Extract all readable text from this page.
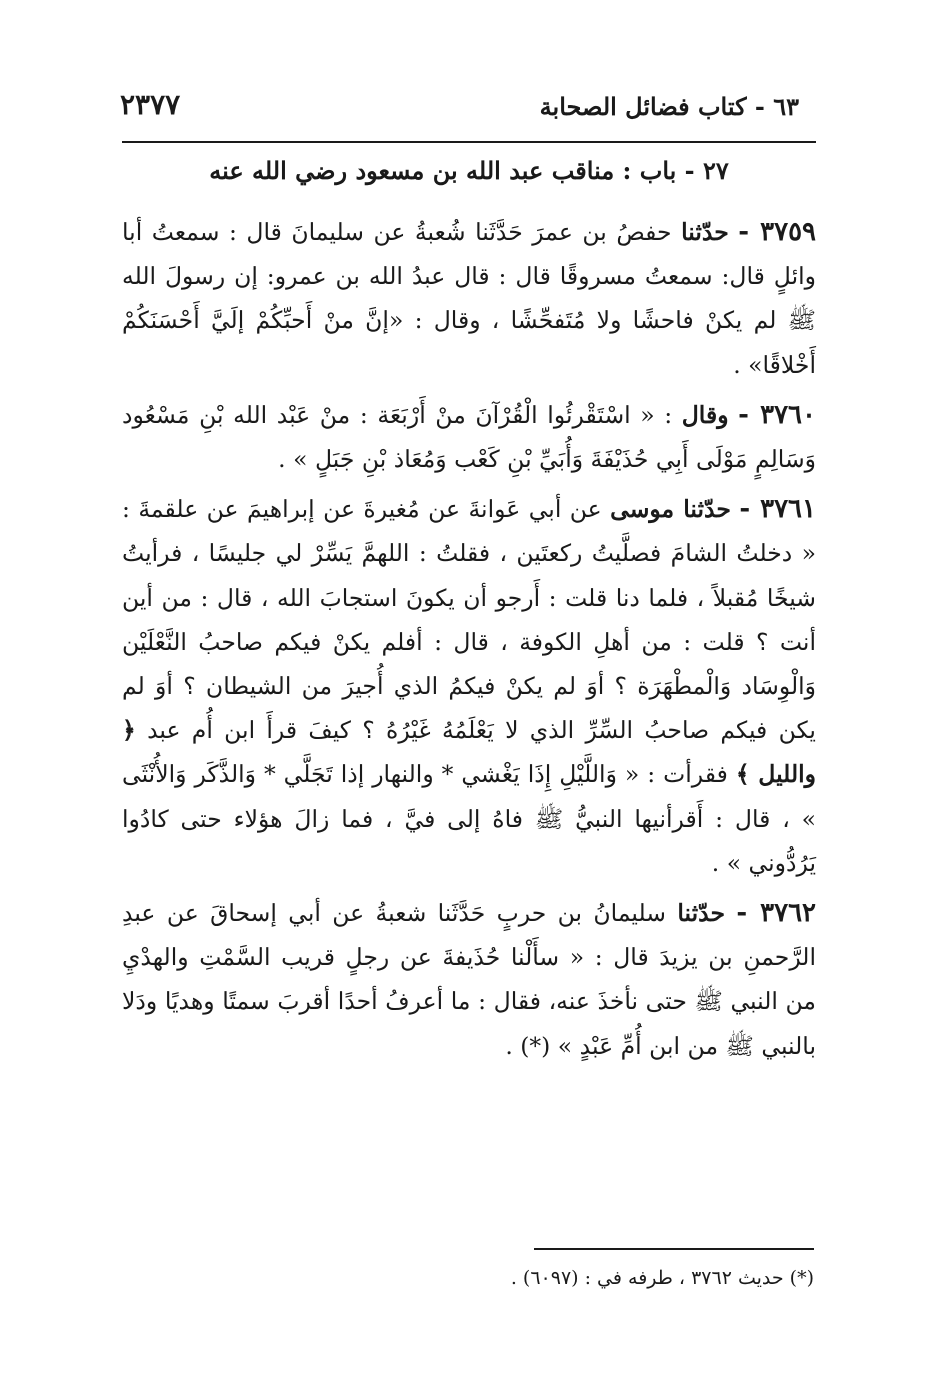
٦٣ - كتاب فضائل الصحابة
٢٣٧٧
٢٧ - باب : مناقب عبد الله بن مسعود رضي الله عنه

٣٧٥٩ - حدّثنا حفصُ بن عمرَ حَدَّثَنا شُعبةُ عن سليمانَ قال : سمعتُ أبا وائلٍ قال: سمعتُ مسروقًا قال : قال عبدُ الله بن عمرو: إن رسولَ الله ﷺ لم يكنْ فاحشًا ولا مُتَفحِّشًا ، وقال : «إنَّ منْ أَحبِّكُمْ إلَيَّ أَحْسَنَكُمْ أَخْلاقًا» .

٣٧٦٠ - وقال : « اسْتَقْرئُوا الْقُرْآنَ منْ أَرْبَعَة : منْ عَبْد الله بْنِ مَسْعُود وَسَالِمٍ مَوْلَى أَبِي حُذَيْفَةَ وَأُبَيِّ بْنِ كَعْب وَمُعَاذ بْنِ جَبَلٍ » .

٣٧٦١ - حدّثنا موسى عن أبي عَوانةَ عن مُغيرةَ عن إبراهيمَ عن علقمةَ : « دخلتُ الشامَ فصلَّيتُ ركعتَين ، فقلتُ : اللهمَّ يَسِّرْ لي جليسًا ، فرأيتُ شيخًا مُقبلاً ، فلما دنا قلت : أَرجو أن يكونَ استجابَ الله ، قال : من أين أنت ؟ قلت : من أهلِ الكوفة ، قال : أفلم يكنْ فيكم صاحبُ النَّعْلَيْن وَالْوِسَاد وَالْمطْهَرَة ؟ أوَ لم يكنْ فيكمُ الذي أُجيرَ من الشيطان ؟ أوَ لم يكن فيكم صاحبُ السِّرِّ الذي لا يَعْلَمُهُ غَيْرُهُ ؟ كيفَ قرأَ ابن أُم عبد ﴿ والليل ﴾ فقرأت : « وَاللَّيْلِ إِذَا يَغْشي * والنهار إذا تَجَلَّي * وَالذَّكَر وَالأُنْثَى » ، قال : أَقرأنيها النبيُّ ﷺ فاهُ إلى فيَّ ، فما زالَ هؤلاء حتى كادُوا يَرُدُّوني » .

٣٧٦٢ - حدّثنا سليمانُ بن حربٍ حَدَّثَنا شعبةُ عن أبي إسحاقَ عن عبدِ الرَّحمنِ بن يزيدَ قال : « سأَلْنا حُذَيفةَ عن رجلٍ قريب السَّمْتِ والهدْيِ من النبي ﷺ حتى نأخذَ عنه، فقال : ما أعرفُ أحدًا أقربَ سمتًا وهديًا ودَلا بالنبي ﷺ من ابن أُمِّ عَبْدٍ » (*) .

(*) حديث ٣٧٦٢ ، طرفه في : (٦٠٩٧) .
